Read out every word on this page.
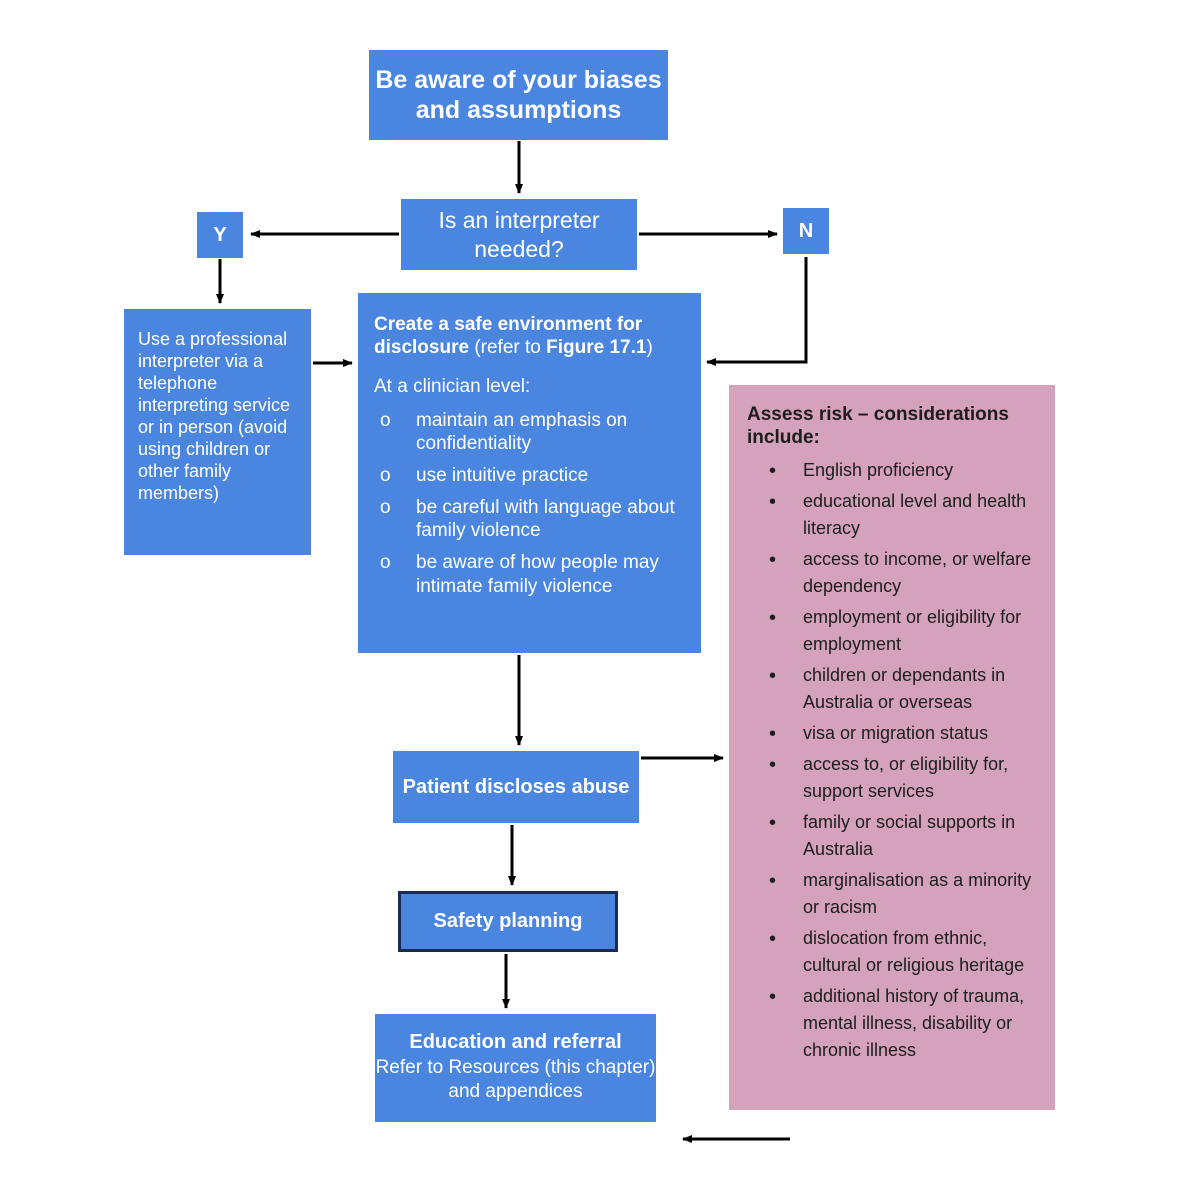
Be aware of your biases and assumptions
Is an interpreter needed?
Y	N
Use a professional interpreter via a telephone interpreting service or in person (avoid using children or other family members)
Create a safe environment for disclosure (refer to Figure 17.1)
At a clinician level:
o maintain an emphasis on confidentiality
o use intuitive practice
o be careful with language about family violence
o be aware of how people may intimate family violence
Patient discloses abuse
Safety planning
Education and referral
Refer to Resources (this chapter) and appendices
Assess risk – considerations include:
• English proficiency
• educational level and health literacy
• access to income, or welfare dependency
• employment or eligibility for employment
• children or dependants in Australia or overseas
• visa or migration status
• access to, or eligibility for, support services
• family or social supports in Australia
• marginalisation as a minority or racism
• dislocation from ethnic, cultural or religious heritage
• additional history of trauma, mental illness, disability or chronic illness
